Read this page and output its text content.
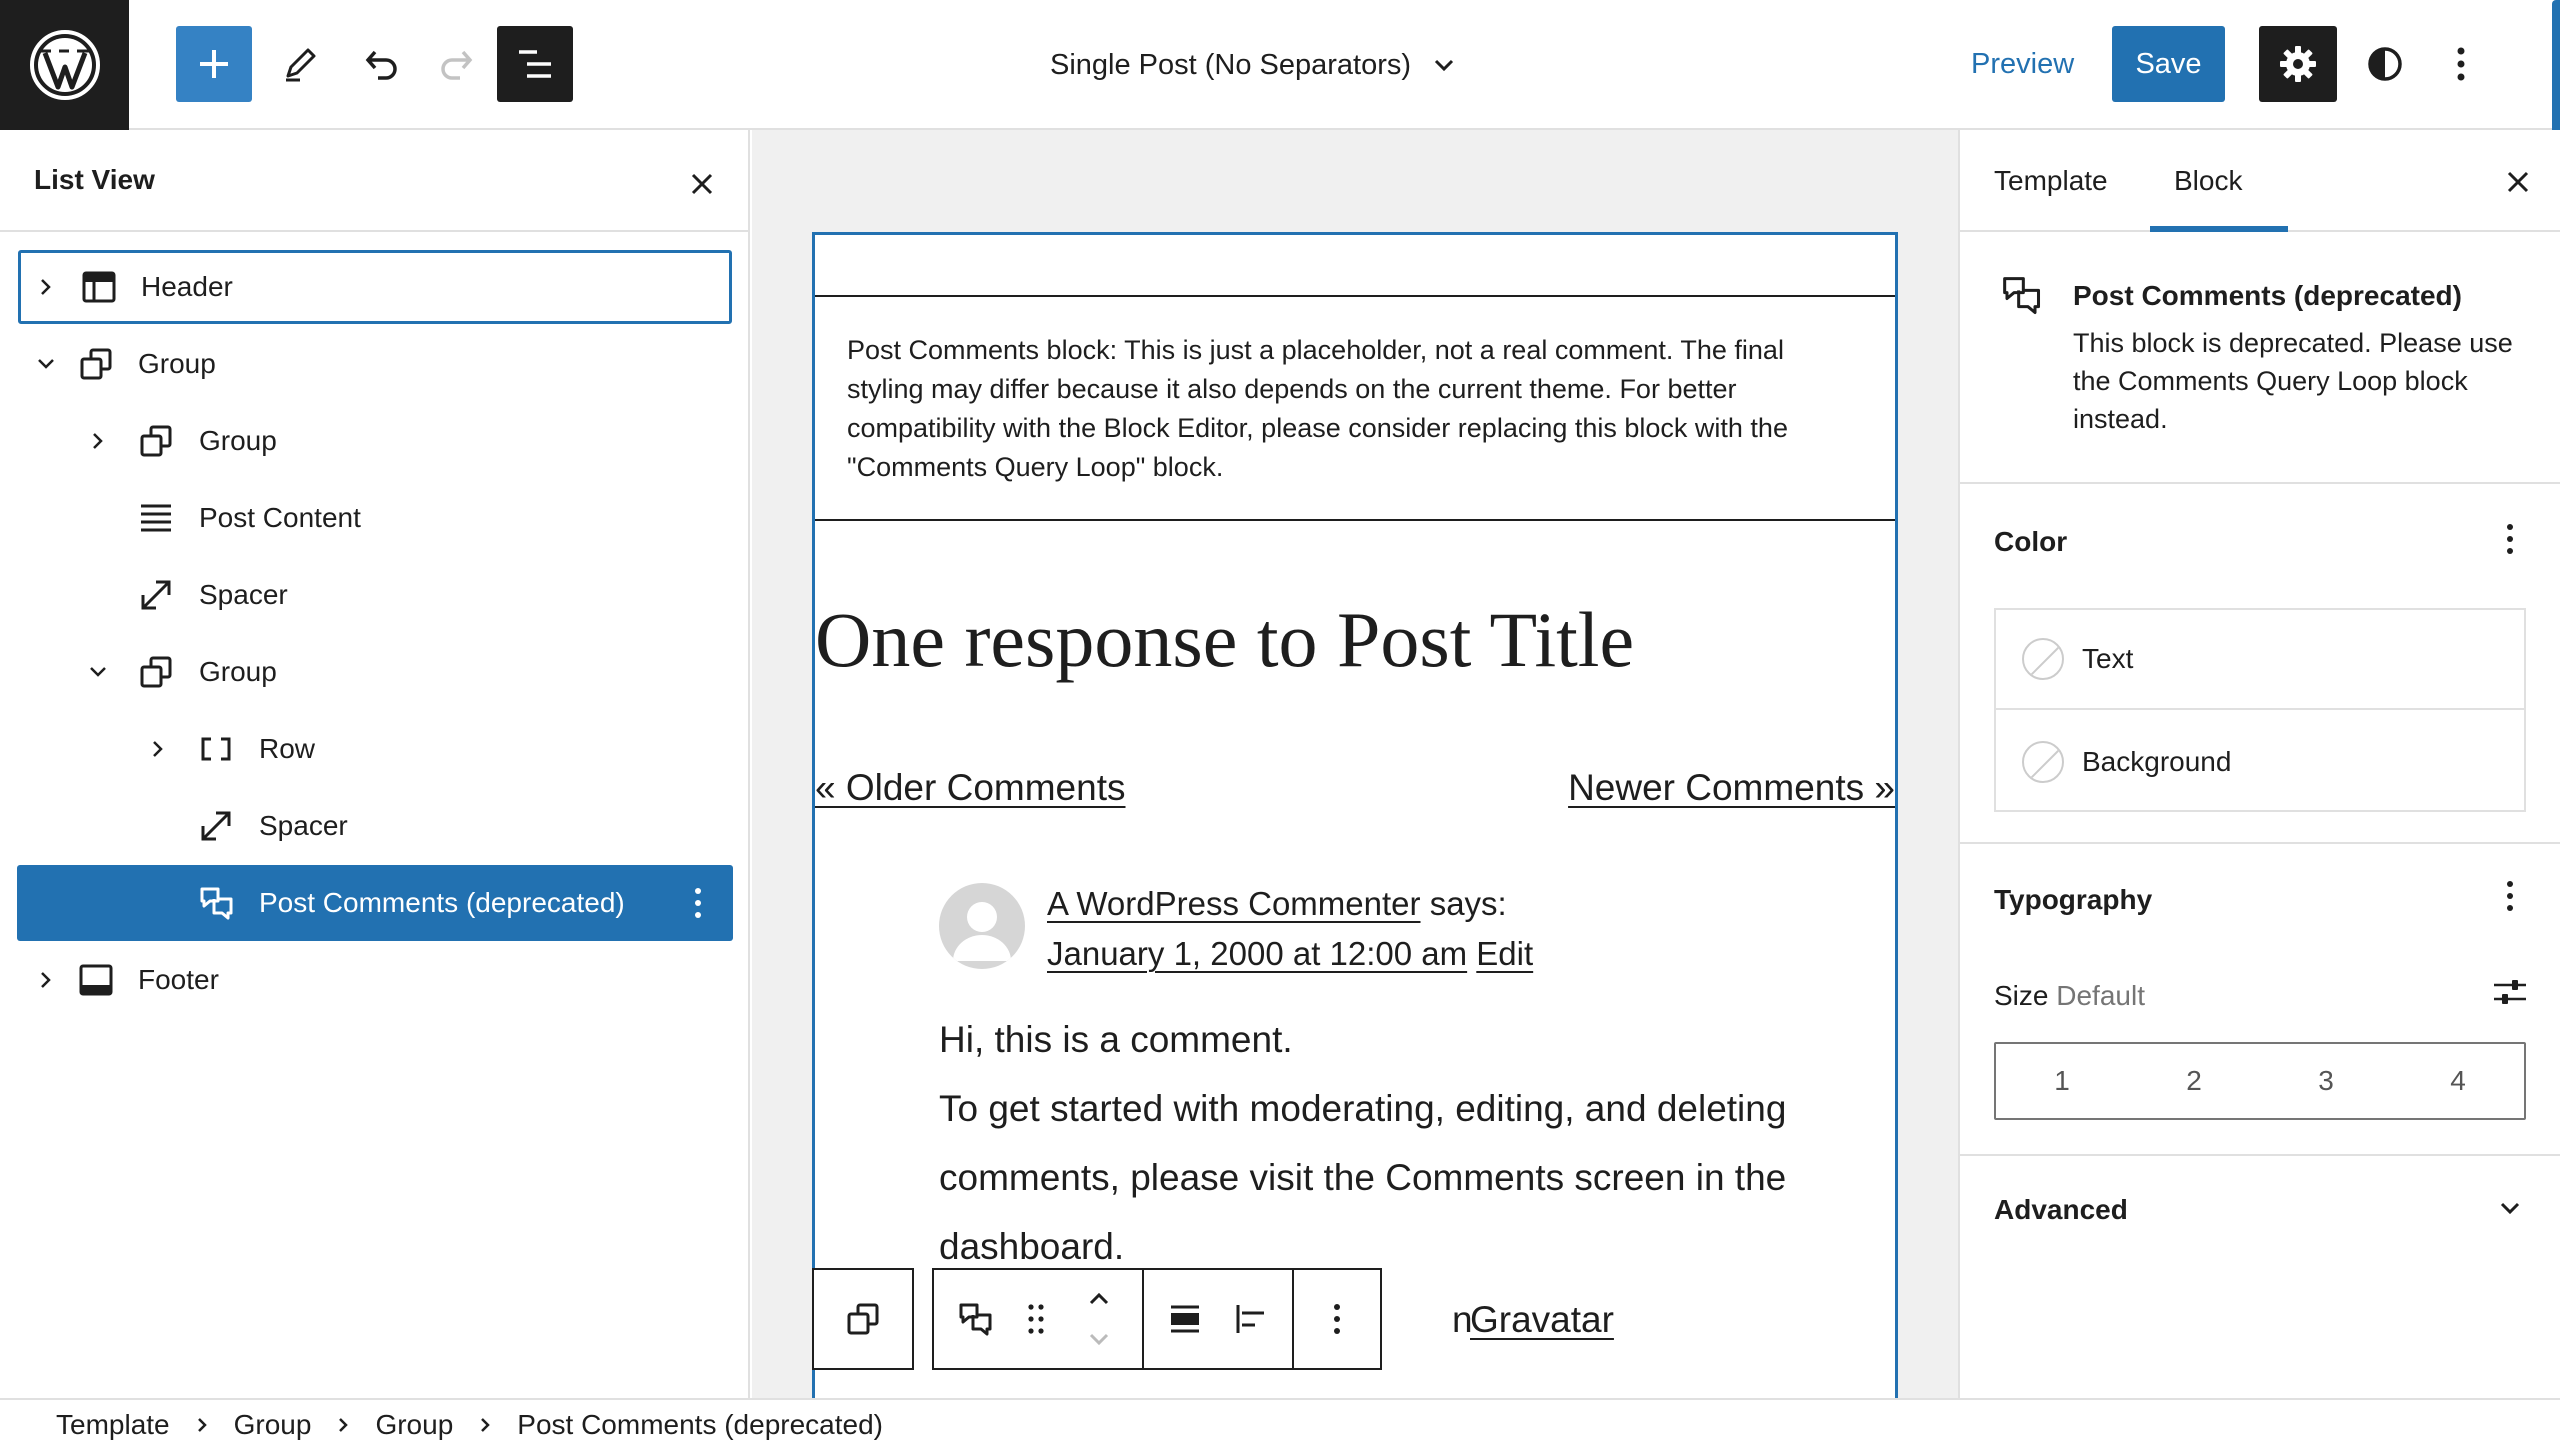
Single Post (No Separators)	Preview	Save
List View
Header
Group
Group
Post Content
Spacer
Group
Row
Spacer
Post Comments (deprecated)
Footer
Post Comments block: This is just a placeholder, not a real comment. The final styling may differ because it also depends on the current theme. For better compatibility with the Block Editor, please consider replacing this block with the "Comments Query Loop" block.
One response to Post Title
« Older Comments	Newer Comments »
A WordPress Commenter says:
January 1, 2000 at 12:00 am Edit
Hi, this is a comment.
To get started with moderating, editing, and deleting comments, please visit the Comments screen in the dashboard.
Gravatar
n
Template	Block
Post Comments (deprecated)
This block is deprecated. Please use the Comments Query Loop block instead.
Color
Text
Background
Typography
Size Default
1	2	3	4
Advanced
Template Group Group Post Comments (deprecated)
